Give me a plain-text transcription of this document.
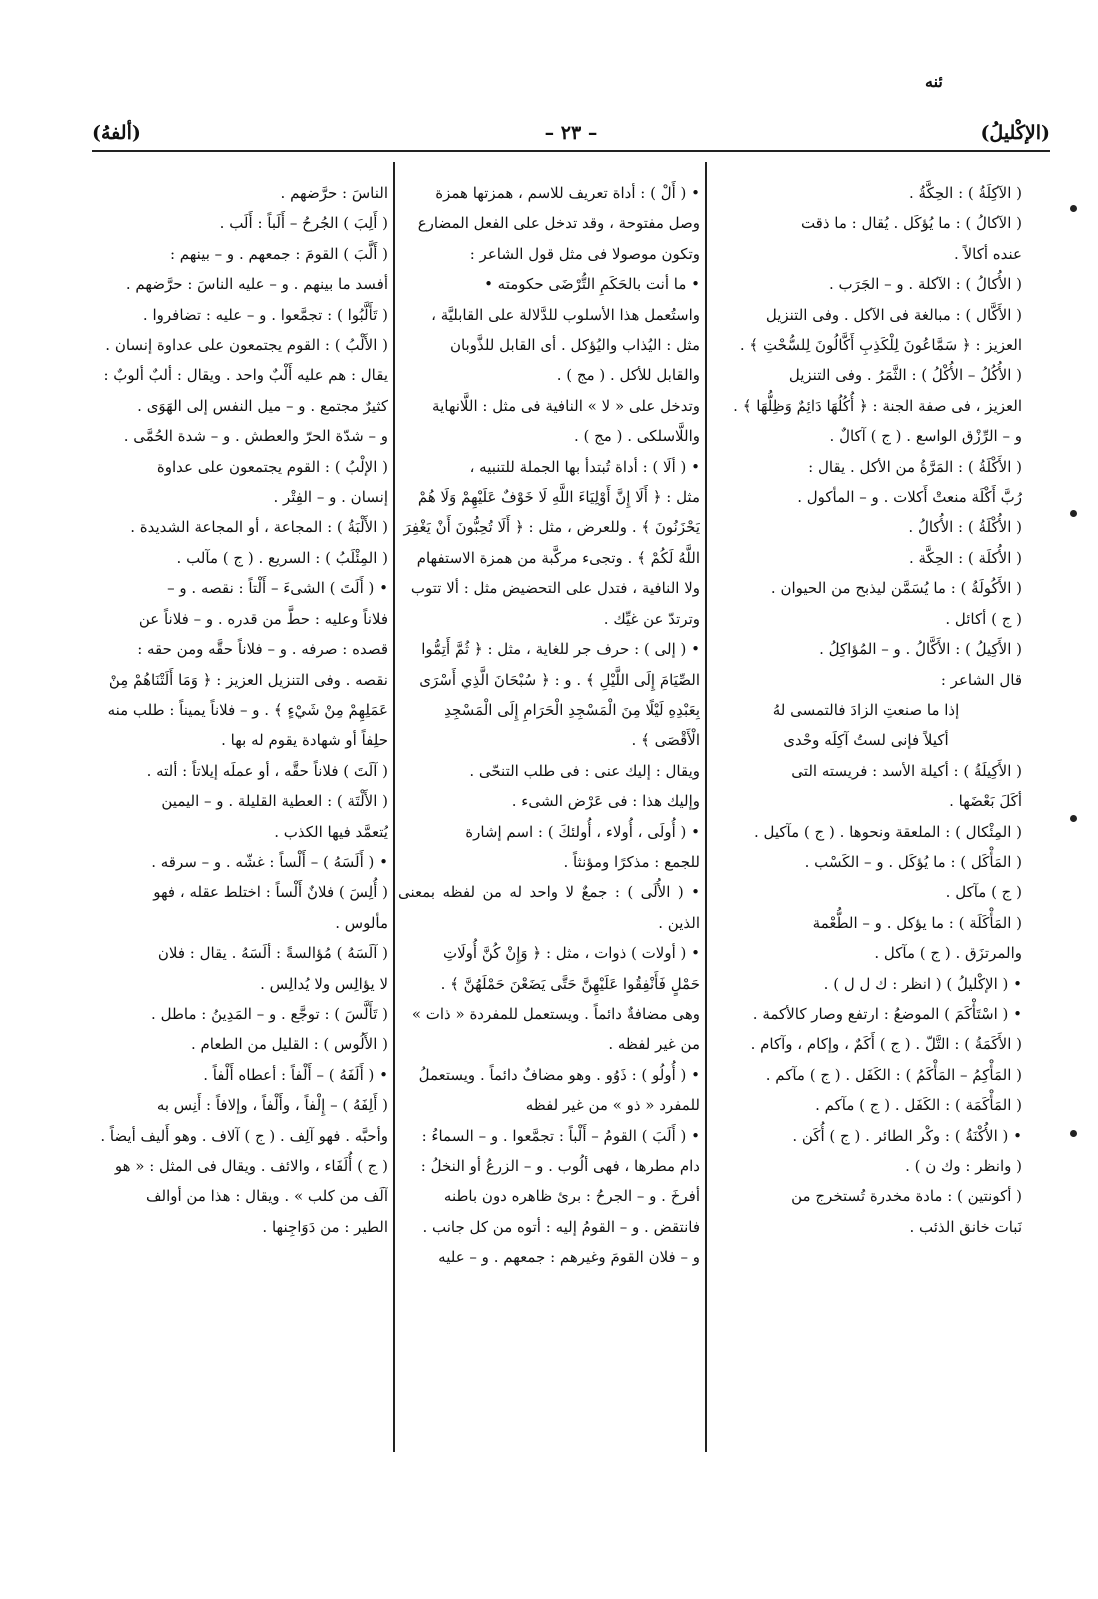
ئنه
(الإكْليلُ)
– ٢٣ –
(ألفهُ)

( الآكِلَةُ ) : الحِكَّةُ .

( الآكالُ ) : ما يُؤكَل . يُقال : ما ذقت

عنده أكالاً .

( الأُكالُ ) : الآكلة . و – الجَرَب .

( الأَكَّال ) : مبالغة فى الآكل . وفى التنزيل

العزيز : ﴿ سَمَّاعُونَ لِلْكَذِبِ أَكَّالُونَ لِلسُّحْتِ ﴾ .

( الأُكُلُ – الأُكْلُ ) : الثَّمَرُ . وفى التنزيل

العزيز ، فى صفة الجنة : ﴿ أُكُلُهَا دَائِمٌ وَظِلُّهَا ﴾ .

و – الرِّزْق الواسع . ( ج ) آكالٌ .

( الأَكْلَةُ ) : المَرَّةُ من الأكل . يقال :

رُبَّ أَكْلَة منعتْ أَكلات . و – المأكول .

( الأُكْلَةُ ) : الأُكالُ .

( الأُكلَة ) : الحِكَّة .

( الأَكُولَةُ ) : ما يُسَمَّن ليذبح من الحيوان .

( ج ) أكائل .

( الأَكِيلُ ) : الأَكَّالُ . و – المُؤاكِلُ .

قال الشاعر :

إذا ما صنعتِ الزادَ فالتمسى لهُ

أكيلاً فإنى لستُ آكِلَه وحْدى

( الأَكِيلَةُ ) : أكيلة الأسد : فريسته التى

أكَلَ بَعْضَها .

( المِئْكال ) : الملعقة ونحوها . ( ج ) مآكيل .

( المَأْكَل ) : ما يُؤكَل . و – الكَسْب .

( ج ) مآكل .

( المَأْكَلَة ) : ما يؤكل . و – الطُّعْمة

والمرتزَق . ( ج ) مآكل .

• ( الإكْليلُ ) ( انظر : ك ل ل ) .

• ( اسْتَأْكَمَ ) الموضعُ : ارتفع وصار كالأكمة .

( الأَكَمَةُ ) : التَّلّ . ( ج ) أَكَمٌ ، وإكام ، وآكام .

( المَأْكِمُ – المَأْكَمُ ) : الكَفَل . ( ج ) مآكم .

( المَأْكَمَة ) : الكَفَل . ( ج ) مآكم .

• ( الأُكْنَةُ ) : وكْر الطائر . ( ج ) أُكَن .

( وانظر : وك ن ) .

( أكونتين ) : مادة مخدرة تُستخرج من

نَبات خانق الذئب .

• ( أَلْ ) : أداة تعريف للاسم ، همزتها همزة

وصل مفتوحة ، وقد تدخل على الفعل المضارع

وتكون موصولا فى مثل قول الشاعر :

• ما أنت بالحَكَمِ التُّرْضَى حكومته •

واستُعمل هذا الأسلوب للدَّلالة على القابليَّة ،

مثل : اليُذاب واليُؤكل . أى القابل للذَّوبان

والقابل للأكل . ( مج ) .

وتدخل على « لا » النافية فى مثل : اللَّانهاية

واللَّاسلكى . ( مج ) .

• ( ألَا ) : أداة تُبتدأ بها الجملة للتنبيه ،

مثل : ﴿ أَلَا إِنَّ أَوْلِيَاءَ اللَّهِ لَا خَوْفٌ عَلَيْهِمْ وَلَا هُمْ

يَحْزَنُونَ ﴾ . وللعرض ، مثل : ﴿ أَلَا تُحِبُّونَ أَنْ يَغْفِرَ

اللَّهُ لَكُمْ ﴾ . وتجىء مركَّبة من همزة الاستفهام

ولا النافية ، فتدل على التحضيض مثل : ألا تتوب

وترتدّ عن غيِّك .

• ( إلى ) : حرف جر للغاية ، مثل : ﴿ ثُمَّ أَتِمُّوا

الصِّيَامَ إِلَى اللَّيْلِ ﴾ . و : ﴿ سُبْحَانَ الَّذِي أَسْرَى

بِعَبْدِهِ لَيْلًا مِنَ الْمَسْجِدِ الْحَرَامِ إِلَى الْمَسْجِدِ

الْأَقْصَى ﴾ .

ويقال : إليك عنى : فى طلب التنحّى .

وإليك هذا : فى عَرْض الشىء .

• ( أُولَى ، أُولاء ، أُولئكَ ) : اسم إشارة

للجمع : مذكرًا ومؤنثاً .

• ( الأُلَى ) : جمعٌ لا واحد له من لفظه بمعنى الذين .

• ( أولات ) ذوات ، مثل : ﴿ وَإِنْ كُنَّ أُولَاتِ

حَمْلٍ فَأَنْفِقُوا عَلَيْهِنَّ حَتَّى يَضَعْنَ حَمْلَهُنَّ ﴾ .

وهى مضافةٌ دائماً . ويستعمل للمفردة « ذات »

من غير لفظه .

• ( أُولُو ) : ذَوُو . وهو مضافٌ دائماً . ويستعملُ

للمفرد « ذو » من غير لفظه

• ( أَلَبَ ) القومُ – أَلْباً : تجمَّعوا . و – السماءُ :

دام مطرها ، فهى ألُوب . و – الزرعُ أو النخلُ :

أفرخَ . و – الجرحُ : برئ ظاهره دون باطنه

فانتقض . و – القومُ إليه : أتوه من كل جانب .

و – فلان القومَ وغيرهم : جمعهم . و – عليه

الناسَ : حرَّضهم .

( أَلِبَ ) الجُرحُ – أَلَباً : أَلَب .

( أَلَّبَ ) القومَ : جمعهم . و – بينهم :

أفسد ما بينهم . و – عليه الناسَ : حرَّضهم .

( تَأَلَّبُوا ) : تجمَّعوا . و – عليه : تضافروا .

( الأَلْبُ ) : القوم يجتمعون على عداوة إنسان .

يقال : هم عليه أَلْبٌ واحد . ويقال : ألبٌ ألوبٌ :

كثيرٌ مجتمع . و – ميل النفس إلى الهَوَى .

و – شدّة الحرّ والعطش . و – شدة الحُمَّى .

( الإلْبُ ) : القوم يجتمعون على عداوة

إنسان . و – الفِتْر .

( الأَلْبَةُ ) : المجاعة ، أو المجاعة الشديدة .

( المِئْلَبُ ) : السريع . ( ج ) مآلب .

• ( أَلَتَ ) الشىءَ – أَلْتاً : نقصه . و –

فلاناً وعليه : حطَّ من قدره . و – فلاناً عن

قصده : صرفه . و – فلاناً حقَّه ومن حقه :

نقصه . وفى التنزيل العزيز : ﴿ وَمَا أَلَتْنَاهُمْ مِنْ

عَمَلِهِمْ مِنْ شَيْءٍ ﴾ . و – فلاناً يميناً : طلب منه

حلِفاً أو شهادة يقوم له بها .

( آلَتَ ) فلاناً حقَّه ، أو عملَه إيلاتاً : ألته .

( الأَلْتَة ) : العطية القليلة . و – اليمين

يُتعمَّد فيها الكذب .

• ( أَلَسَهُ ) – أَلْساً : غشّه . و – سرقه .

( أُلِسَ ) فلانٌ أَلْساً : اختلط عقله ، فهو

مألوس .

( آلَسَهُ ) مُؤالسةً : ألَسَهُ . يقال : فلان

لا يؤالِس ولا يُدالِس .

( تَأَلَّسَ ) : توجَّع . و – المَدِينُ : ماطل .

( الأَلُوس ) : القليل من الطعام .

• ( أَلَفَهُ ) – أَلْفاً : أعطاه أَلْفاً .

( أَلِفَهُ ) – إِلْفاً ، وأَلْفاً ، وإلافاً : أَنِس به

وأحبَّه . فهو آلِف . ( ج ) آلاف . وهو أَليف أيضاً .

( ج ) أُلَفَاء ، والائف . ويقال فى المثل : « هو

آلَف من كلب » . ويقال : هذا من أوالف

الطير : من دَوَاجِنها .
